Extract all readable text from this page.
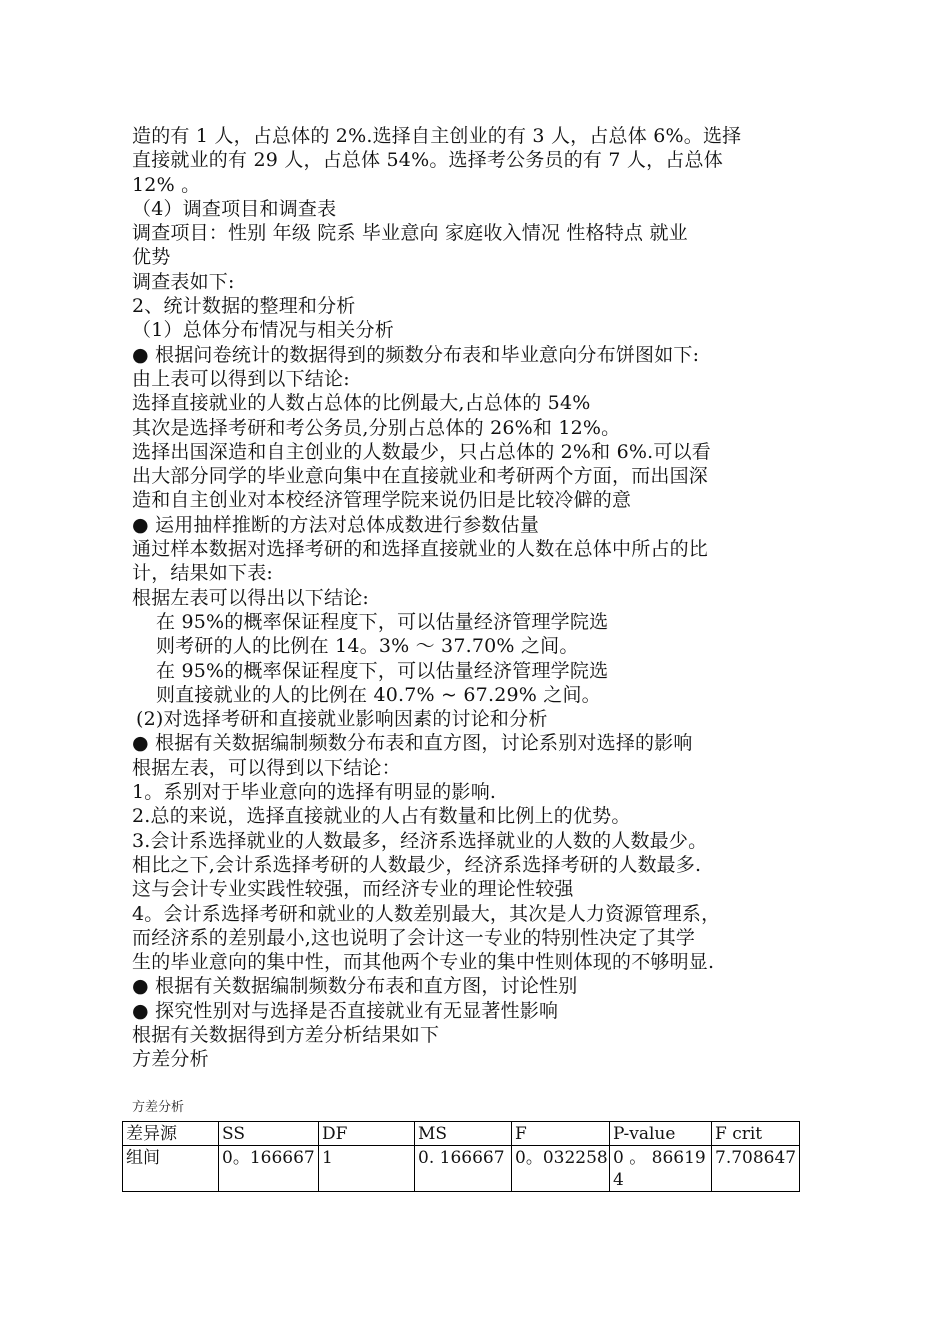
造的有 1 人，占总体的 2%.选择自主创业的有 3 人，占总体 6%。选择
直接就业的有 29 人，占总体 54%。选择考公务员的有 7 人，占总体
12% 。
（4）调查项目和调查表
调查项目：性别 年级 院系 毕业意向 家庭收入情况 性格特点 就业
优势
调查表如下:
2、统计数据的整理和分析
（1）总体分布情况与相关分析
● 根据问卷统计的数据得到的频数分布表和毕业意向分布饼图如下:
由上表可以得到以下结论:
选择直接就业的人数占总体的比例最大,占总体的 54%
其次是选择考研和考公务员,分别占总体的 26%和 12%。
选择出国深造和自主创业的人数最少，只占总体的 2%和 6%.可以看
出大部分同学的毕业意向集中在直接就业和考研两个方面，而出国深
造和自主创业对本校经济管理学院来说仍旧是比较冷僻的意
● 运用抽样推断的方法对总体成数进行参数估量
通过样本数据对选择考研的和选择直接就业的人数在总体中所占的比
计，结果如下表:
根据左表可以得出以下结论:
在 95%的概率保证程度下，可以估量经济管理学院选
则考研的人的比例在 14。3% ～ 37.70% 之间。
在 95%的概率保证程度下，可以估量经济管理学院选
则直接就业的人的比例在 40.7% ~ 67.29% 之间。
(2)对选择考研和直接就业影响因素的讨论和分析
● 根据有关数据编制频数分布表和直方图，讨论系别对选择的影响
根据左表，可以得到以下结论：
1。系别对于毕业意向的选择有明显的影响.
2.总的来说，选择直接就业的人占有数量和比例上的优势。
3.会计系选择就业的人数最多，经济系选择就业的人数的人数最少。
相比之下,会计系选择考研的人数最少，经济系选择考研的人数最多.
这与会计专业实践性较强，而经济专业的理论性较强
4。会计系选择考研和就业的人数差别最大，其次是人力资源管理系，
而经济系的差别最小,这也说明了会计这一专业的特别性决定了其学
生的毕业意向的集中性，而其他两个专业的集中性则体现的不够明显.
● 根据有关数据编制频数分布表和直方图，讨论性别
● 探究性别对与选择是否直接就业有无显著性影响
根据有关数据得到方差分析结果如下
方差分析
方差分析
差异源	SS	DF	MS	F	P-value	F crit
组间	0。166667	1	0. 166667	0。032258	0 。 866194	7.708647
